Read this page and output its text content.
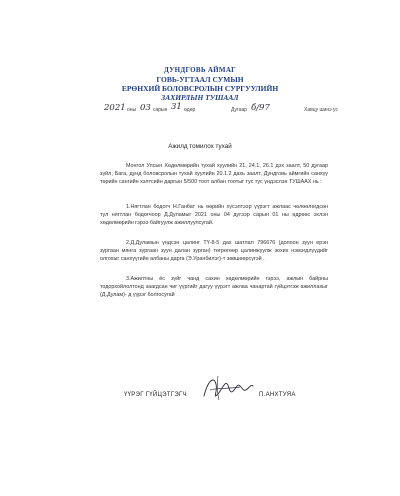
ДУНДГОВЬ АЙМАГ
ГОВЬ-УГТААЛ СУМЫН
ЕРӨНХИЙ БОЛОВСРОЛЫН СУРГУУЛИЙН
ЗАХИРЛЫН ТУШААЛ
2021 оны 03 сарын 31 өдөр	Дугаар б/97	Хавцу шинэ ус
Ажилд томилох тухай
Монгол Улсын Хөдөлмөрийн тухай хуулийн 21, 24.1, 26.1 дэх заалт, 50 дугаар зүйл, Бага, дунд боловсролын тухай хуулийн 20.1.2 дахь заалт, Дундговь аймгийн санхүү төрийн сангийн хэлтсийн даргын 5/500 тоот албан тоотыг тус тус үндэслэн ТУШААХ нь :
1.Нягтлан бодогч Н.Ганбат нь өөрийн хүсэлтээр үүрэгт ажлаас чөлөөлөгдсөн тул нягтлан бодогчоор Д.Дуламыг 2021 оны 04 дүгээр сарын 01 ны өдрөөс эхлэн хөдөлмөрийн гэрээ байгуулж ажиллуулсугай.
2.Д.Дуламын үндсэн цалинг ТҮ-8-5 дах шатлал 796676 (долоон зуун ерэн зургаан мянга зургаан зуун далан зурган) төгрөгөөр цалинжуулж зохих нэмэгдлүүдийг олгохыг санхүүгийн албаны дарга (Э.Уранбилэг)-т зөвшөөрсүгэй .
3.Ажилтны ёс зүйг чанд сахин хөдөлмөрийн гэрээ, ажлын байрны тодорхойлолтонд заагдсан чиг үүргийг дагуу үүрэгт ажлаа чанартай гүйцэтгэж ажиллахыг (Д.Дулам)- д үүрэг болгосугай
ҮҮРЭГ ГҮЙЦЭТГЭГЧ	П.АНХТУЯА
